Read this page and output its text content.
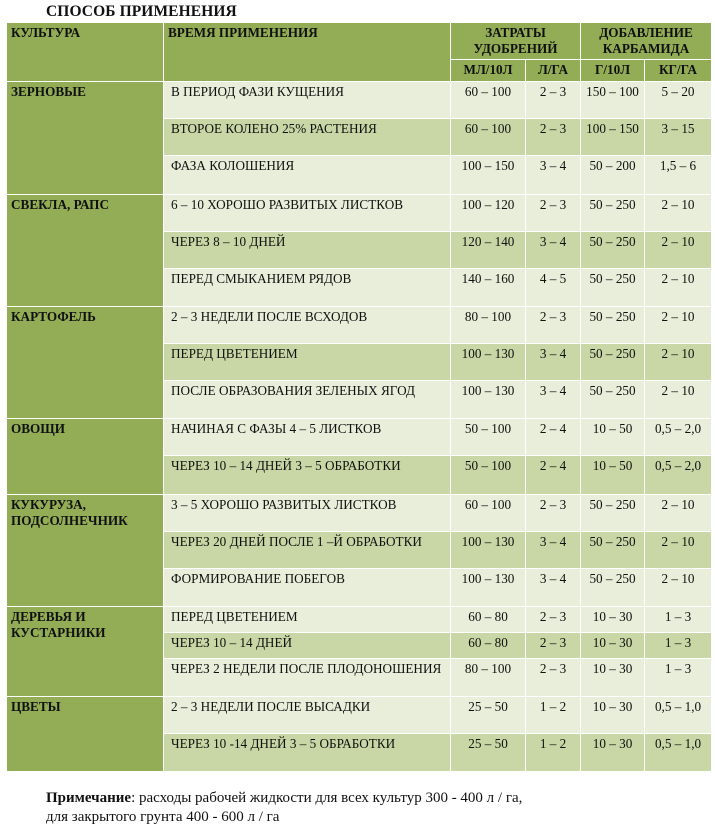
СПОСОБ ПРИМЕНЕНИЯ
КУЛЬТУРА	ВРЕМЯ ПРИМЕНЕНИЯ	ЗАТРАТЫ УДОБРЕНИЙ		ДОБАВЛЕНИЕ КАРБАМИДА	
		МЛ/10Л	Л/ГА	Г/10Л	КГ/ГА
ЗЕРНОВЫЕ	В ПЕРИОД ФАЗИ КУЩЕНИЯ	60 – 100	2 – 3	150 – 100	5 – 20
	ВТОРОЕ КОЛЕНО 25% РАСТЕНИЯ	60 – 100	2 – 3	100 – 150	3 – 15
	ФАЗА КОЛОШЕНИЯ	100 – 150	3 – 4	50 – 200	1,5 – 6
СВЕКЛА, РАПС	6 – 10 ХОРОШО РАЗВИТЫХ ЛИСТКОВ	100 – 120	2 – 3	50 – 250	2 – 10
	ЧЕРЕЗ 8 – 10 ДНЕЙ	120 – 140	3 – 4	50 – 250	2 – 10
	ПЕРЕД СМЫКАНИЕМ РЯДОВ	140 – 160	4 – 5	50 – 250	2 – 10
КАРТОФЕЛЬ	2 – 3 НЕДЕЛИ ПОСЛЕ ВСХОДОВ	80 – 100	2 – 3	50 – 250	2 – 10
	ПЕРЕД ЦВЕТЕНИЕМ	100 – 130	3 – 4	50 – 250	2 – 10
	ПОСЛЕ ОБРАЗОВАНИЯ ЗЕЛЕНЫХ ЯГОД	100 – 130	3 – 4	50 – 250	2 – 10
ОВОЩИ	НАЧИНАЯ С ФАЗЫ 4 – 5 ЛИСТКОВ	50 – 100	2 – 4	10 – 50	0,5 – 2,0
	ЧЕРЕЗ 10 – 14 ДНЕЙ 3 – 5 ОБРАБОТКИ	50 – 100	2 – 4	10 – 50	0,5 – 2,0
КУКУРУЗА, ПОДСОЛНЕЧНИК	3 – 5 ХОРОШО РАЗВИТЫХ ЛИСТКОВ	60 – 100	2 – 3	50 – 250	2 – 10
	ЧЕРЕЗ 20 ДНЕЙ ПОСЛЕ 1 –Й ОБРАБОТКИ	100 – 130	3 – 4	50 – 250	2 – 10
	ФОРМИРОВАНИЕ ПОБЕГОВ	100 – 130	3 – 4	50 – 250	2 – 10
ДЕРЕВЬЯ И КУСТАРНИКИ	ПЕРЕД ЦВЕТЕНИЕМ	60 – 80	2 – 3	10 – 30	1 – 3
	ЧЕРЕЗ 10 – 14 ДНЕЙ	60 – 80	2 – 3	10 – 30	1 – 3
	ЧЕРЕЗ 2 НЕДЕЛИ ПОСЛЕ ПЛОДОНОШЕНИЯ	80 – 100	2 – 3	10 – 30	1 – 3
ЦВЕТЫ	2 – 3 НЕДЕЛИ ПОСЛЕ ВЫСАДКИ	25 – 50	1 – 2	10 – 30	0,5 – 1,0
	ЧЕРЕЗ 10 -14 ДНЕЙ 3 – 5 ОБРАБОТКИ	25 – 50	1 – 2	10 – 30	0,5 – 1,0
Примечание: расходы рабочей жидкости для всех культур 300 - 400 л / га,
для закрытого грунта 400 - 600 л / га
